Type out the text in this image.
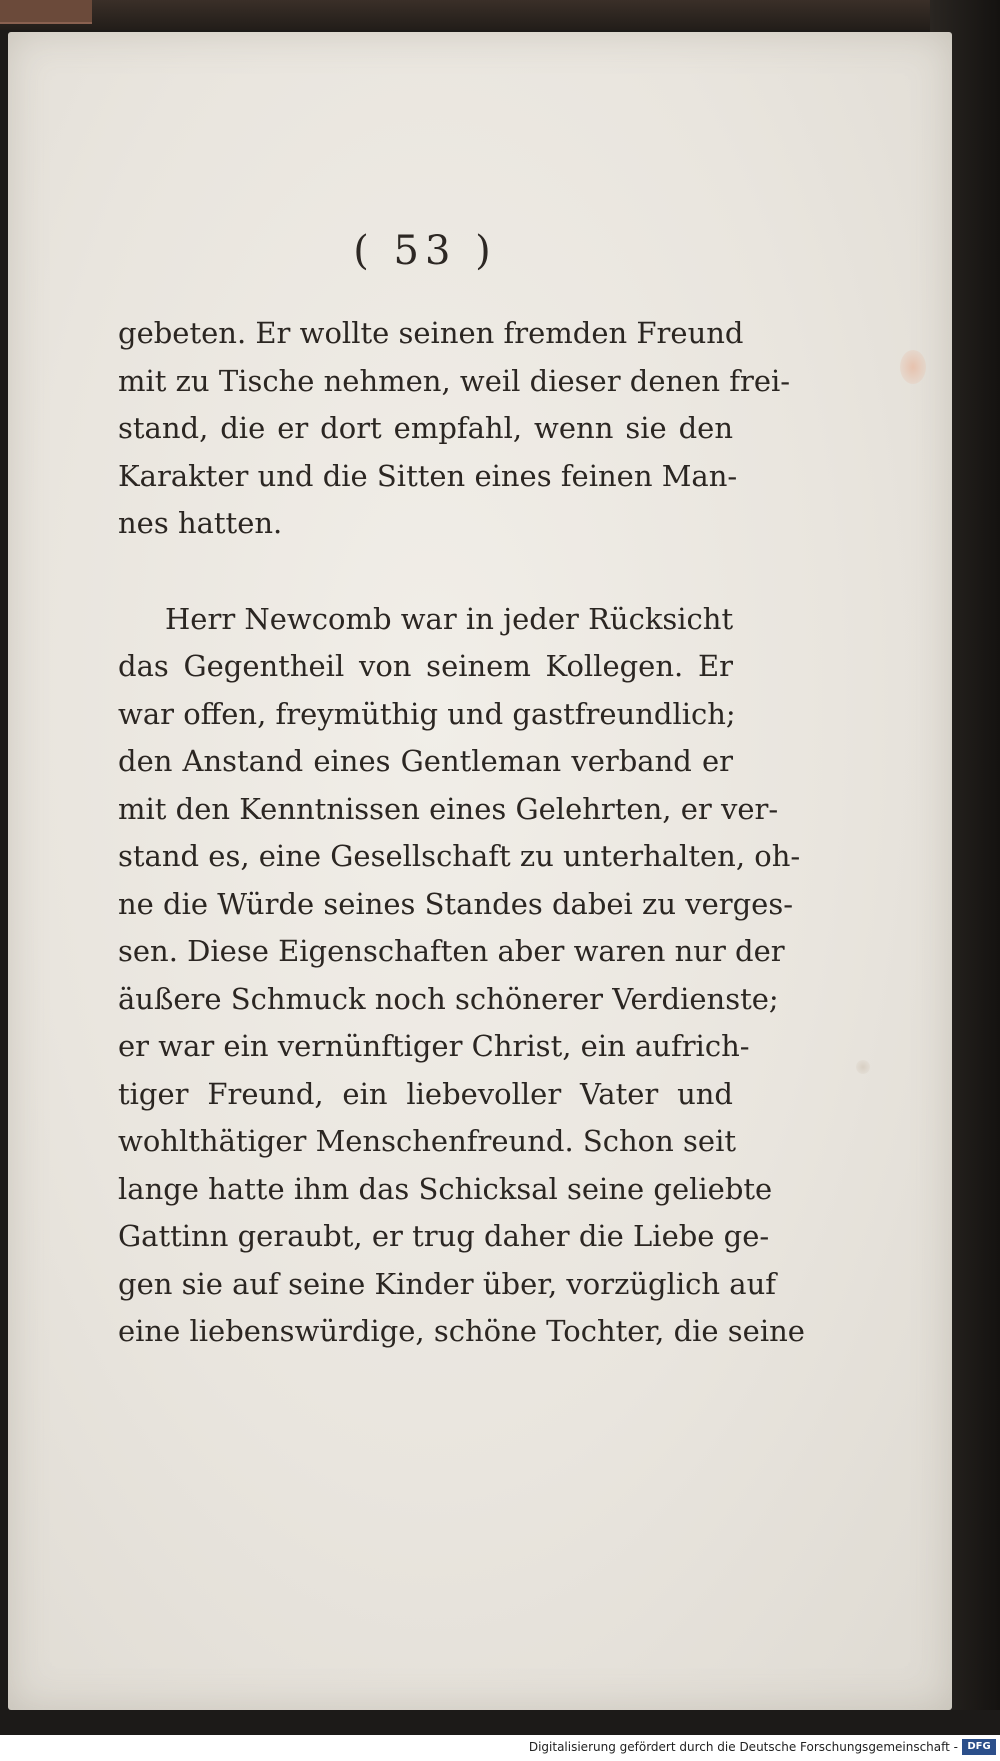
( 53 )
gebeten. Er wollte seinen fremden Freund
mit zu Tische nehmen, weil dieser denen frei-
stand, die er dort empfahl, wenn sie den
Karakter und die Sitten eines feinen Man-
nes hatten.
Herr Newcomb war in jeder Rücksicht
das Gegentheil von seinem Kollegen. Er
war offen, freymüthig und gastfreundlich;
den Anstand eines Gentleman verband er
mit den Kenntnissen eines Gelehrten, er ver-
stand es, eine Gesellschaft zu unterhalten, oh-
ne die Würde seines Standes dabei zu verges-
sen. Diese Eigenschaften aber waren nur der
äußere Schmuck noch schönerer Verdienste;
er war ein vernünftiger Christ, ein aufrich-
tiger Freund, ein liebevoller Vater und
wohlthätiger Menschenfreund. Schon seit
lange hatte ihm das Schicksal seine geliebte
Gattinn geraubt, er trug daher die Liebe ge-
gen sie auf seine Kinder über, vorzüglich auf
eine liebenswürdige, schöne Tochter, die seine
Digitalisierung gefördert durch die Deutsche Forschungsgemeinschaft - DFG
